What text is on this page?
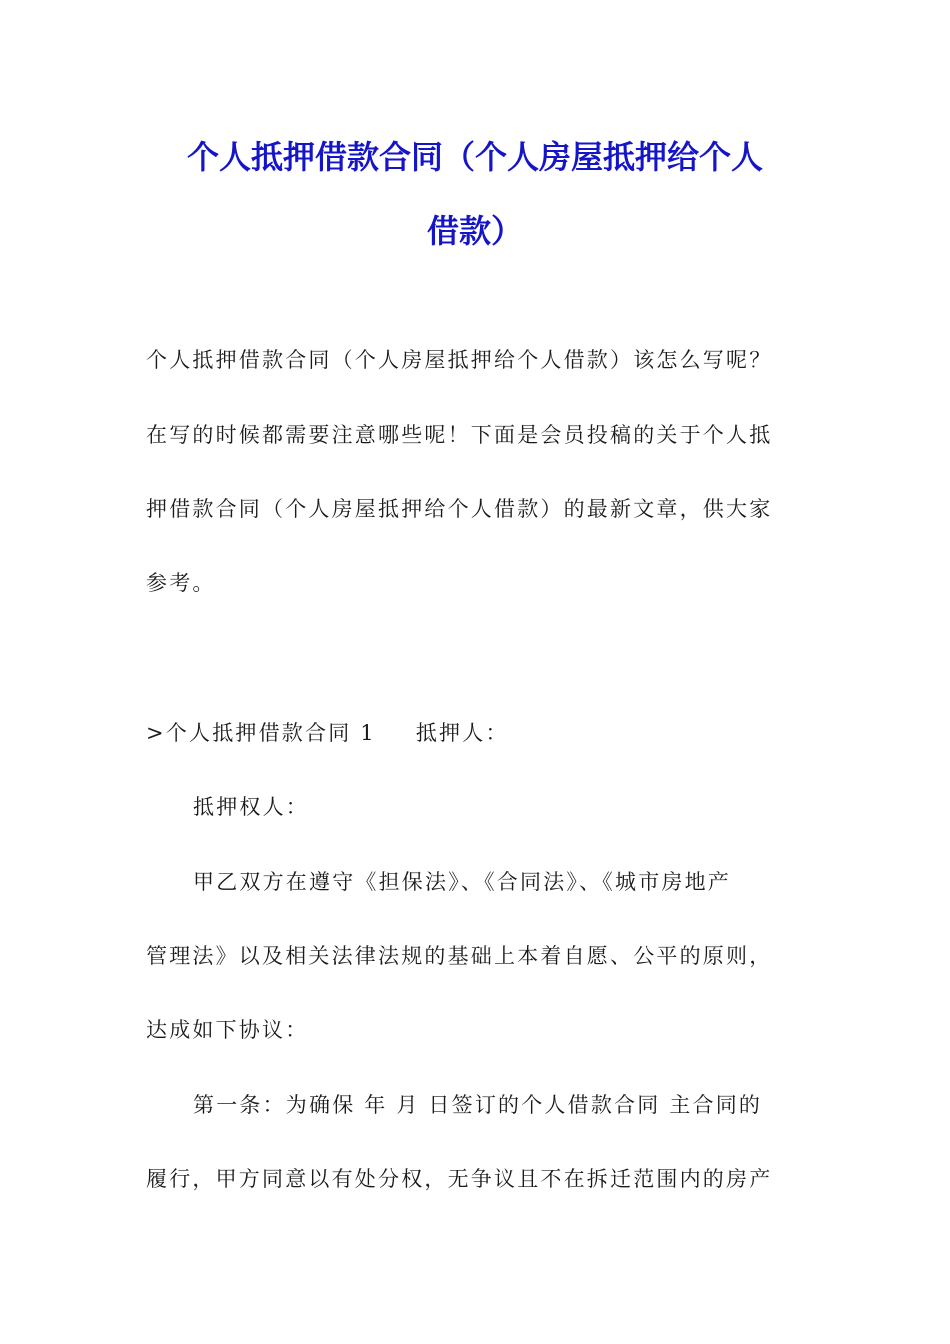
个人抵押借款合同（个人房屋抵押给个人
借款）
个人抵押借款合同（个人房屋抵押给个人借款）该怎么写呢？
在写的时候都需要注意哪些呢！下面是会员投稿的关于个人抵
押借款合同（个人房屋抵押给个人借款）的最新文章，供大家
参考。
>个人抵押借款合同 1 抵押人：
抵押权人：
甲乙双方在遵守《担保法》、《合同法》、《城市房地产
管理法》以及相关法律法规的基础上本着自愿、公平的原则，
达成如下协议：
第一条：为确保 年 月 日签订的个人借款合同 主合同的
履行，甲方同意以有处分权，无争议且不在拆迁范围内的房产
